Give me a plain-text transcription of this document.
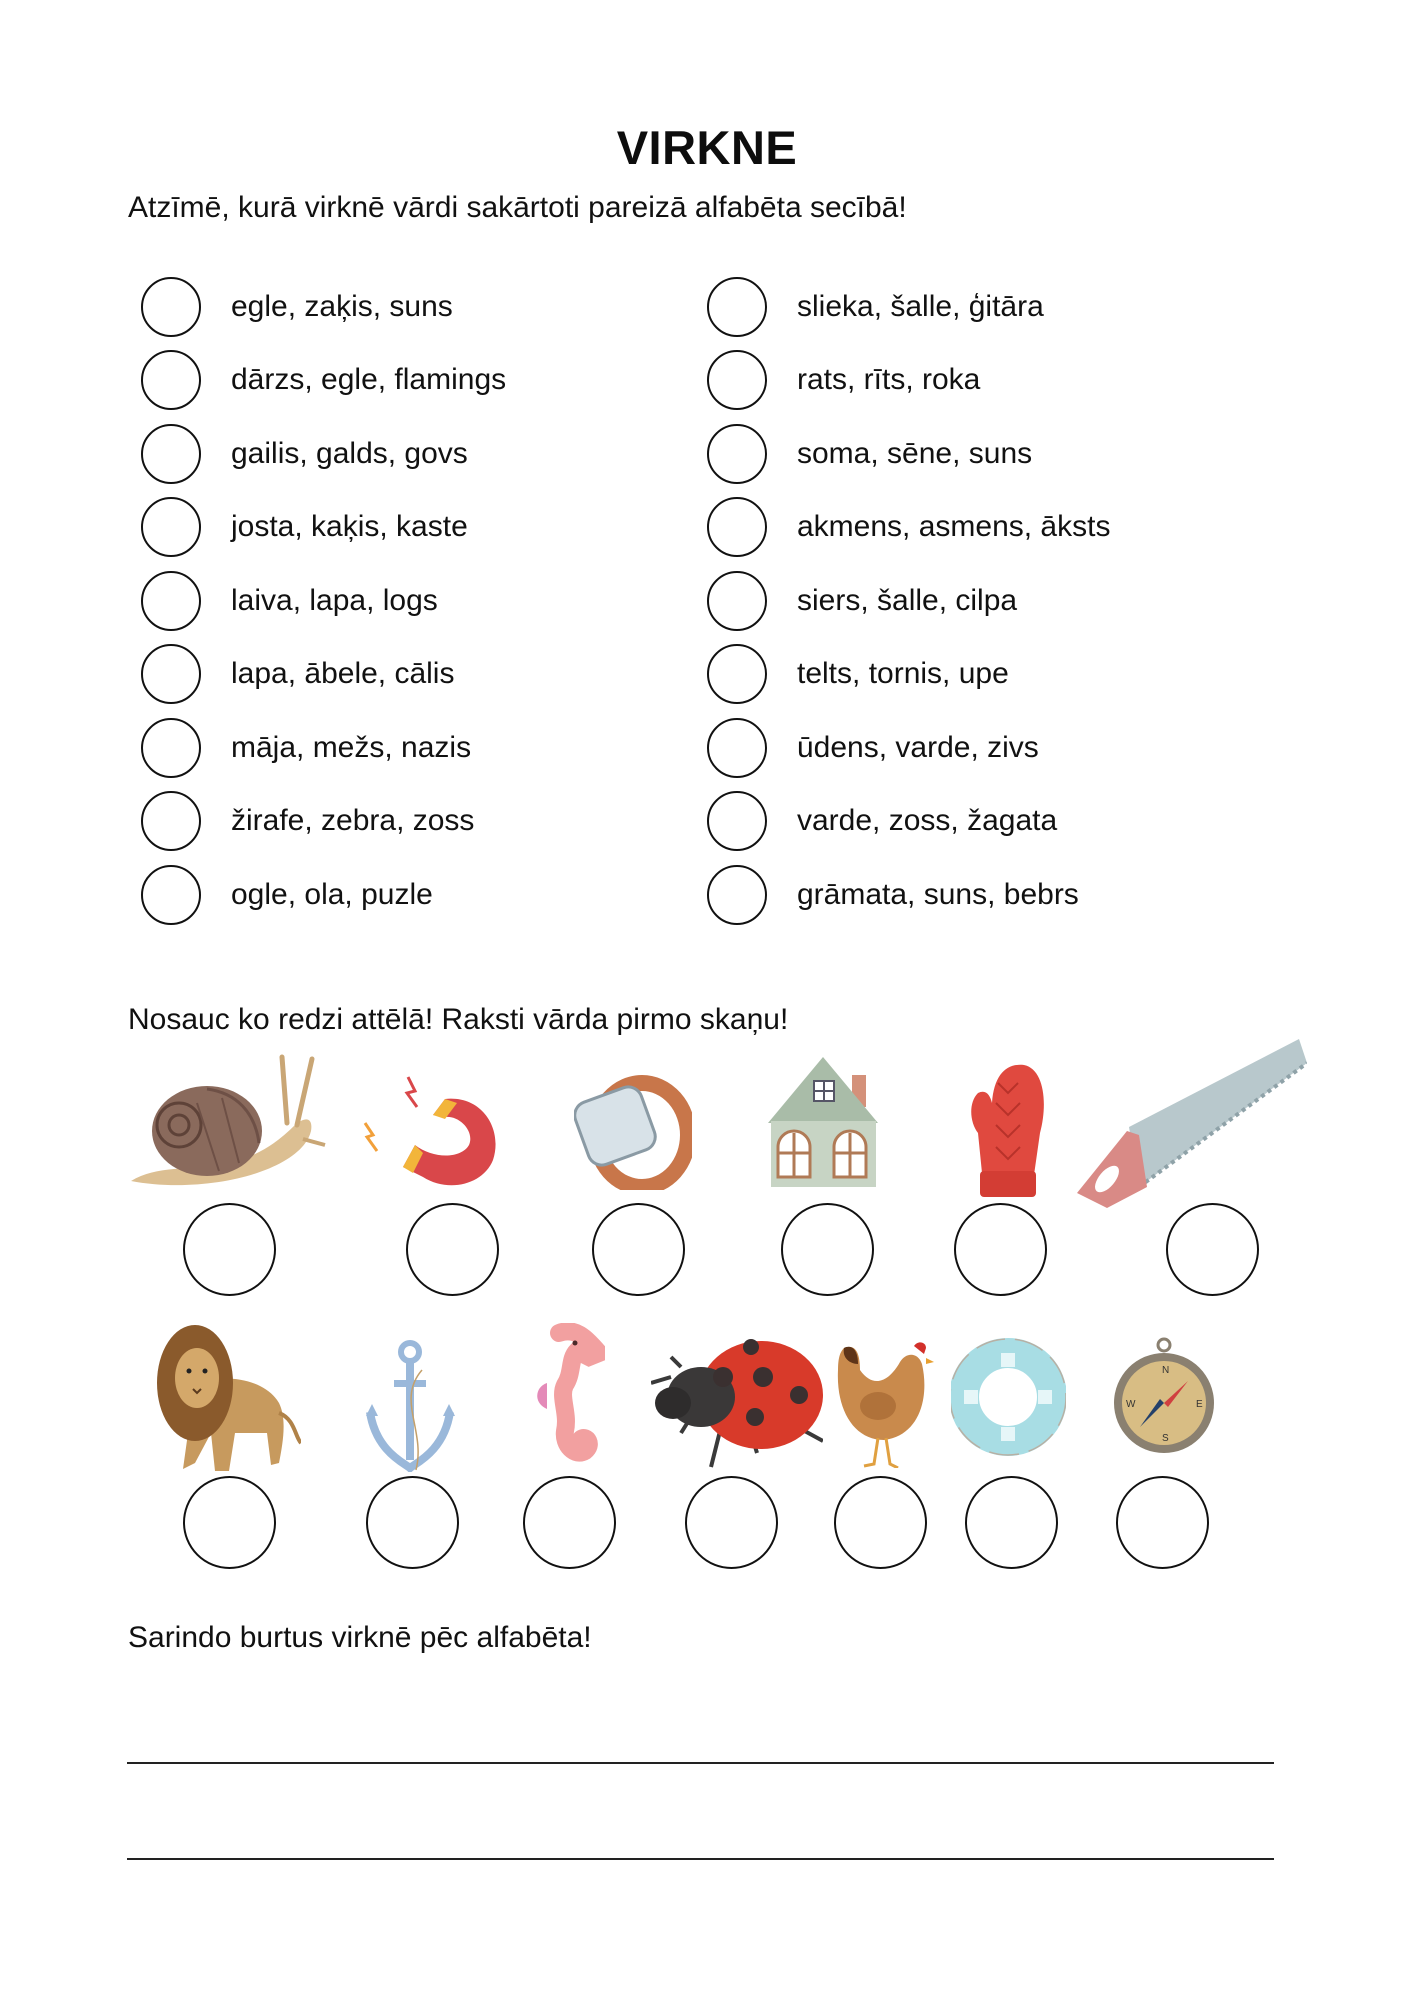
VIRKNE
Atzīmē, kurā virknē vārdi sakārtoti pareizā alfabēta secībā!
egle, zaķis, suns
dārzs, egle, flamings
gailis, galds, govs
josta, kaķis, kaste
laiva, lapa, logs
lapa, ābele, cālis
māja, mežs, nazis
žirafe, zebra, zoss
ogle, ola, puzle
slieka, šalle, ģitāra
rats, rīts, roka
soma, sēne, suns
akmens, asmens, āksts
siers, šalle, cilpa
telts, tornis, upe
ūdens, varde, zivs
varde, zoss, žagata
grāmata, suns, bebrs
Nosauc ko redzi attēlā! Raksti vārda pirmo skaņu!
N
S
W	E
Sarindo burtus virknē pēc alfabēta!
